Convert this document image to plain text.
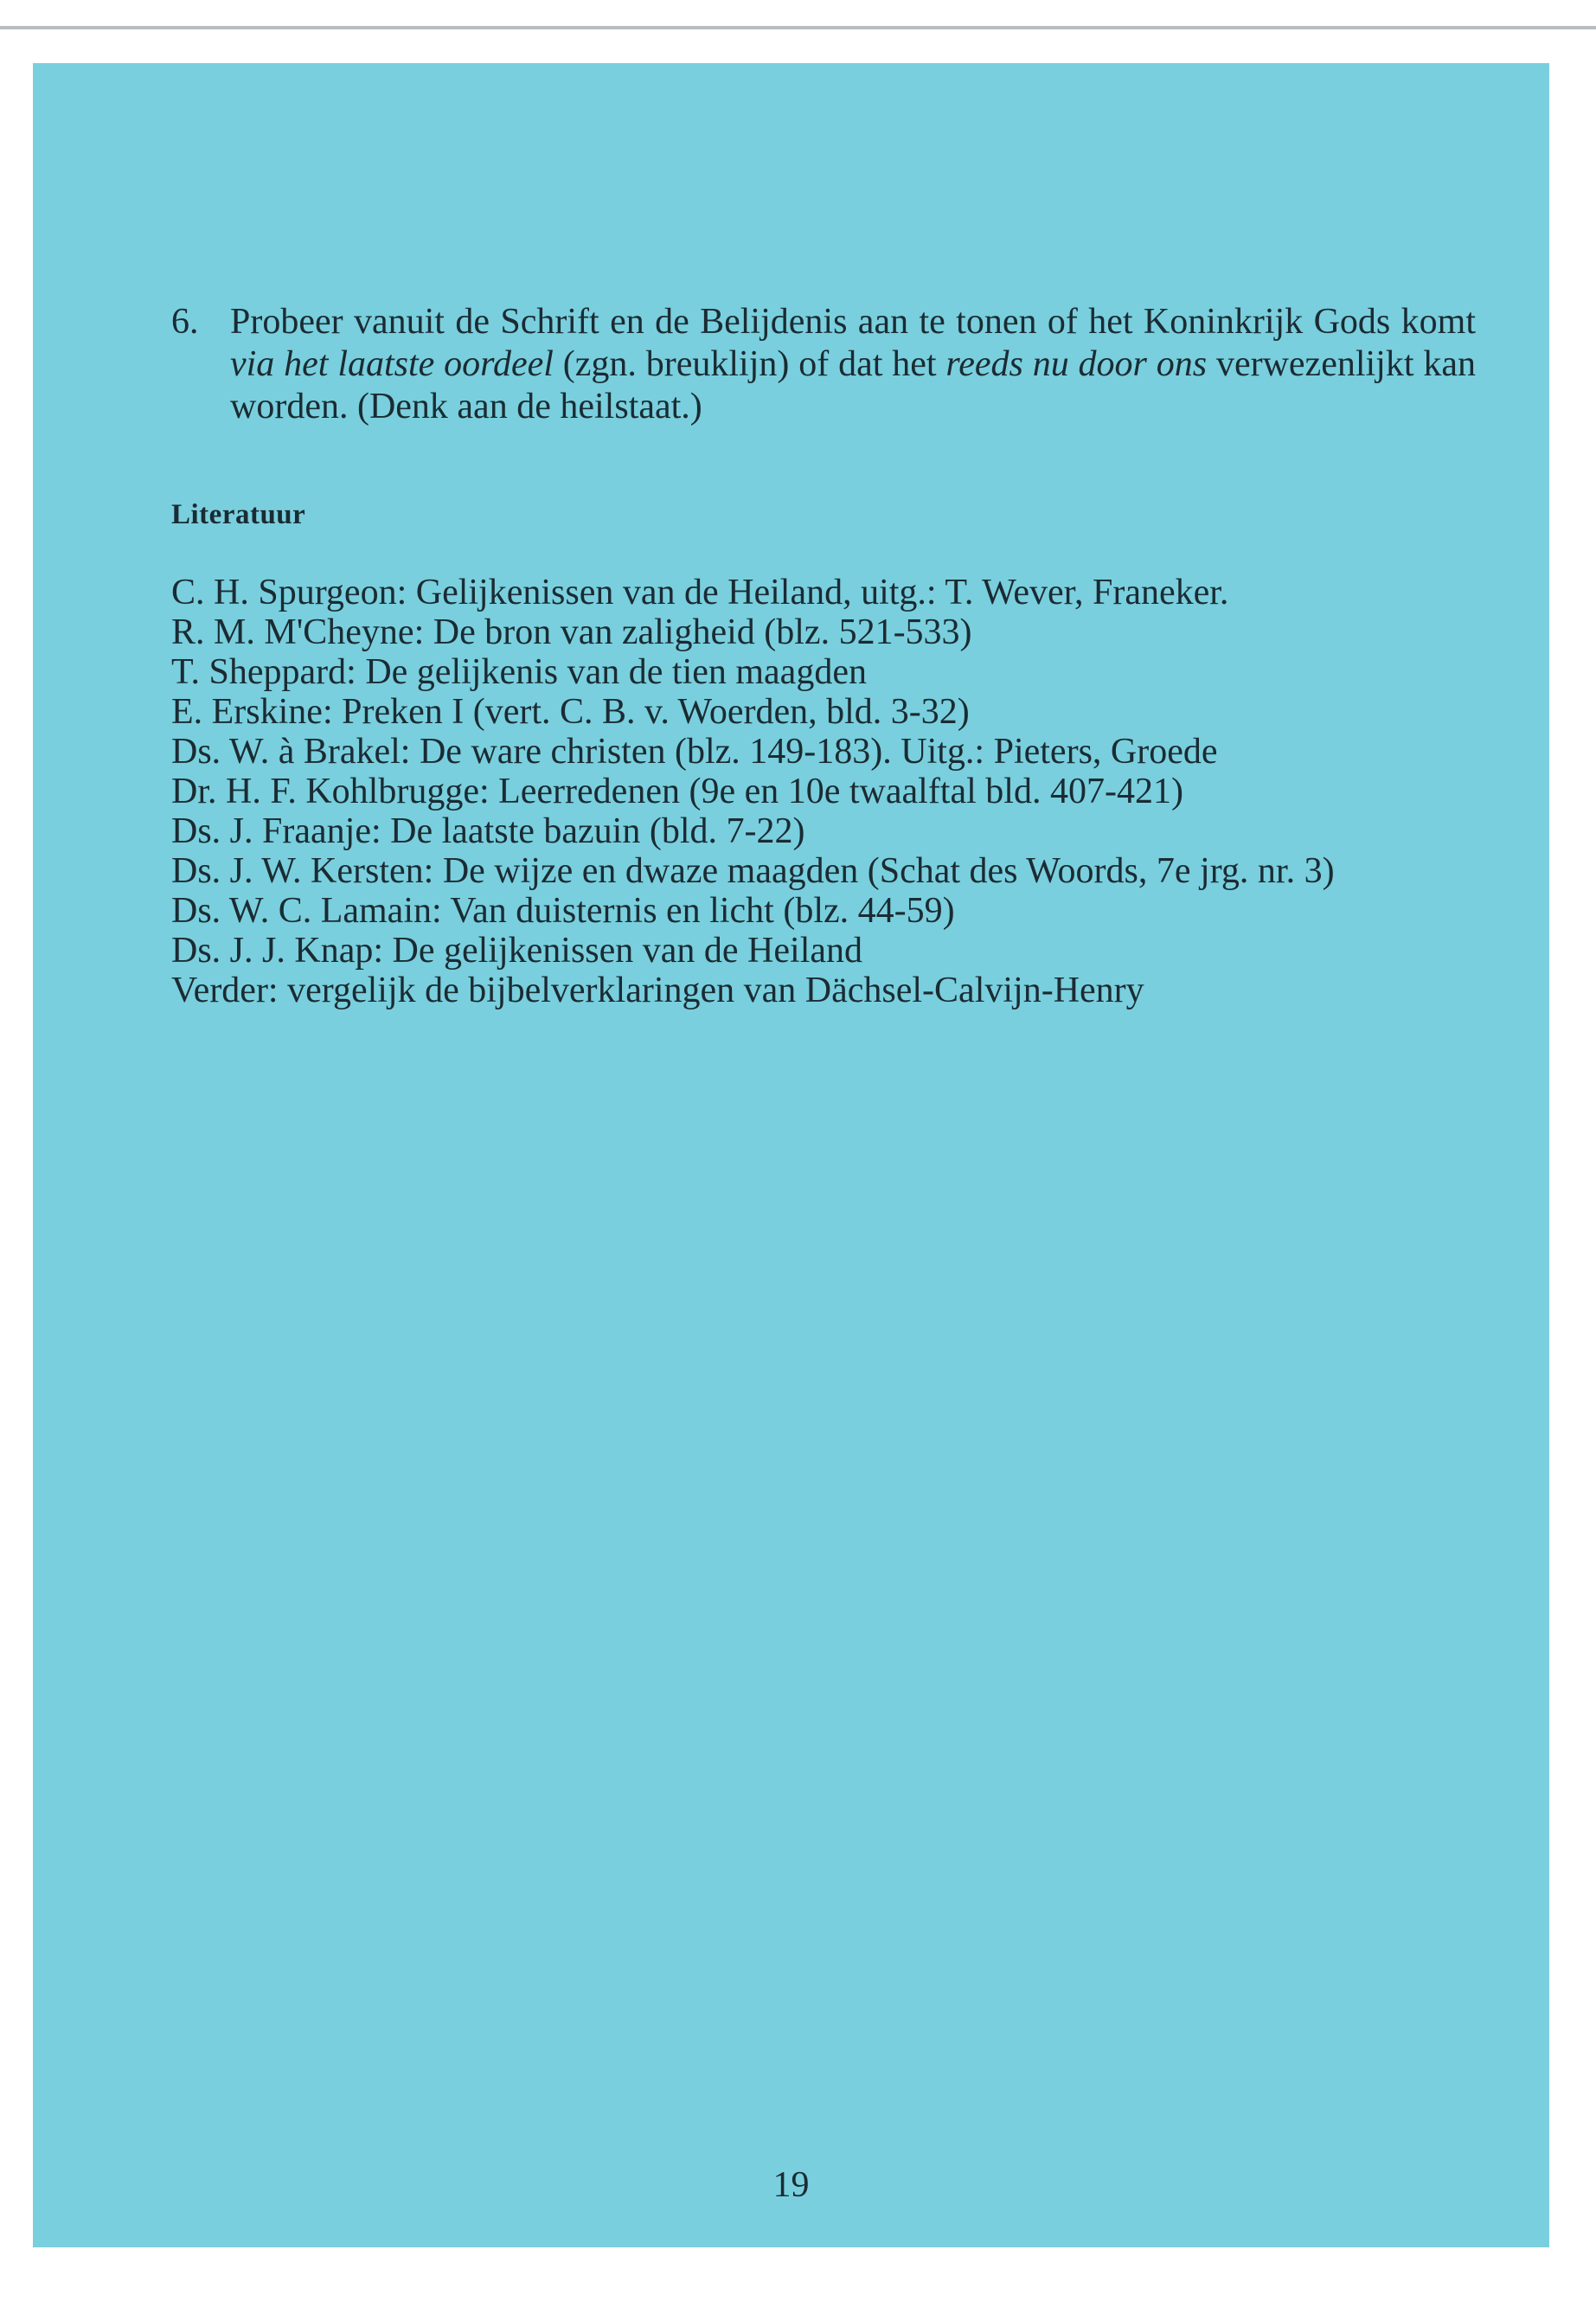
6. Probeer vanuit de Schrift en de Belijdenis aan te tonen of het Koninkrijk Gods komt via het laatste oordeel (zgn. breuklijn) of dat het reeds nu door ons verwezenlijkt kan worden. (Denk aan de heilstaat.)
Literatuur
C. H. Spurgeon: Gelijkenissen van de Heiland, uitg.: T. Wever, Franeker.
R. M. M'Cheyne: De bron van zaligheid (blz. 521-533)
T. Sheppard: De gelijkenis van de tien maagden
E. Erskine: Preken I (vert. C. B. v. Woerden, bld. 3-32)
Ds. W. à Brakel: De ware christen (blz. 149-183). Uitg.: Pieters, Groede
Dr. H. F. Kohlbrugge: Leerredenen (9e en 10e twaalftal bld. 407-421)
Ds. J. Fraanje: De laatste bazuin (bld. 7-22)
Ds. J. W. Kersten: De wijze en dwaze maagden (Schat des Woords, 7e jrg. nr. 3)
Ds. W. C. Lamain: Van duisternis en licht (blz. 44-59)
Ds. J. J. Knap: De gelijkenissen van de Heiland
Verder: vergelijk de bijbelverklaringen van Dächsel-Calvijn-Henry
19
